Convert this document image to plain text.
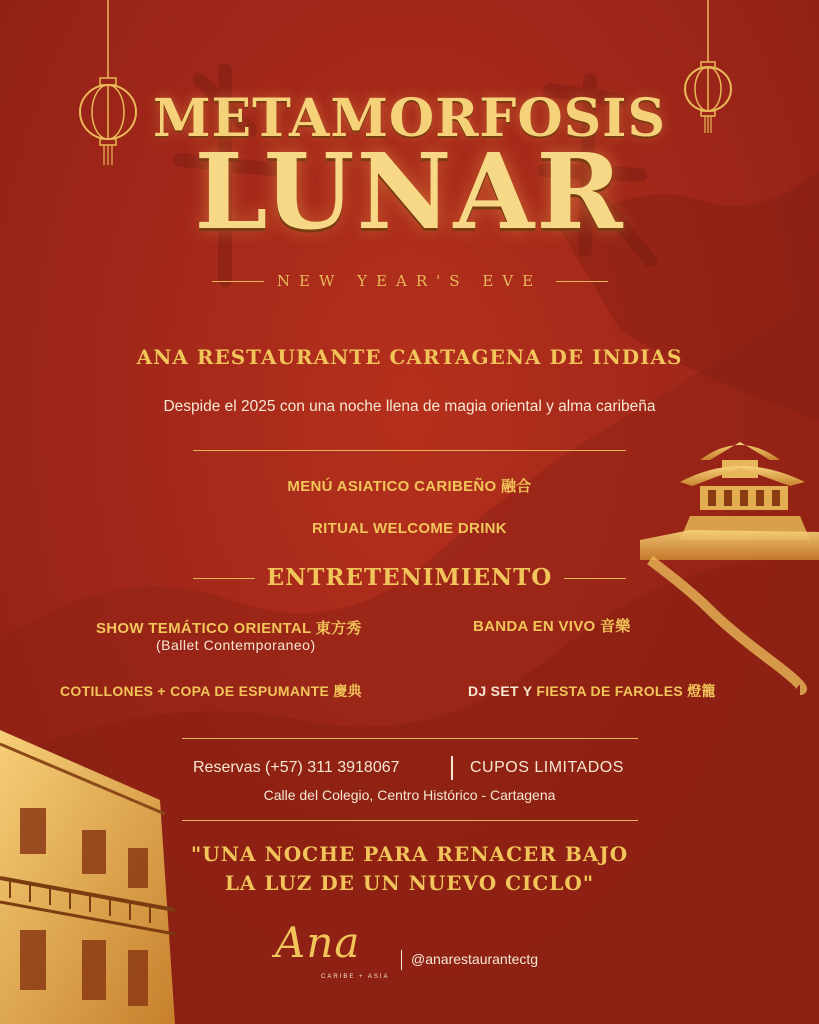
METAMORFOSIS
LUNAR
NEW YEAR'S EVE
ANA RESTAURANTE CARTAGENA DE INDIAS
Despide el 2025 con una noche llena de magia oriental y alma caribeña
MENÚ ASIATICO CARIBEÑO 融合
RITUAL WELCOME DRINK
ENTRETENIMIENTO
SHOW TEMÁTICO ORIENTAL 東方秀
(Ballet Contemporaneo)
BANDA EN VIVO 音樂
COTILLONES + COPA DE ESPUMANTE 慶典	DJ SET Y FIESTA DE FAROLES 燈籠
Reservas (+57) 311 3918067	CUPOS LIMITADOS
Calle del Colegio, Centro Histórico - Cartagena
"UNA NOCHE PARA RENACER BAJO
LA LUZ DE UN NUEVO CICLO"
Ana
CARIBE + ASIA
@anarestaurantectg
